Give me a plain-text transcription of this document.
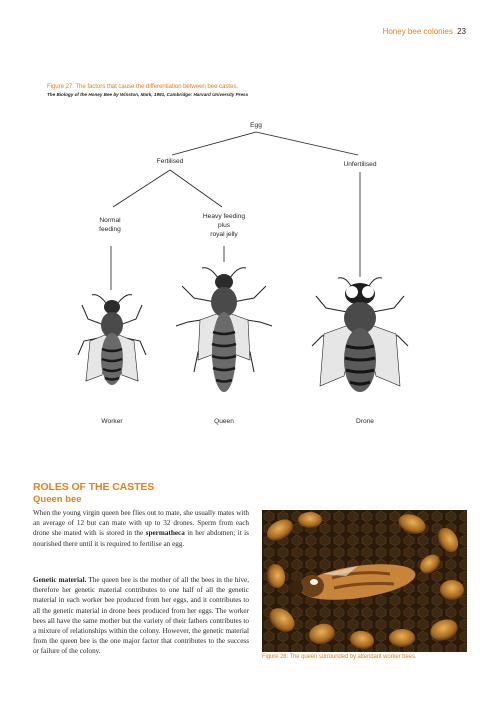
Honey bee colonies 23
Figure 27: The factors that cause the differentiation between bee castes.
The Biology of the Honey Bee by Winston, Mark, 1991, Cambridge: Harvard University Press
Egg
Fertilised	Unfertilised
Normal
feeding
Heavy feeding
plus
royal jelly
Worker	Queen	Drone
ROLES OF THE CASTES
Queen bee
When the young virgin queen bee flies out to mate, she usually mates with an average of 12 but can mate with up to 32 drones. Sperm from each drone she mated with is stored in the spermatheca in her abdomen; it is nourished there until it is required to fertilise an egg.
Genetic material. The queen bee is the mother of all the bees in the hive, therefore her genetic material contributes to one half of all the genetic material in each worker bee produced from her eggs, and it contributes to all the genetic material in drone bees produced from her eggs. The worker bees all have the same mother but the variety of their fathers contributes to a mixture of relationships within the colony. However, the genetic material from the queen bee is the one major factor that contributes to the success or failure of the colony.
Figure 28: The queen surrounded by attendant worker bees.
